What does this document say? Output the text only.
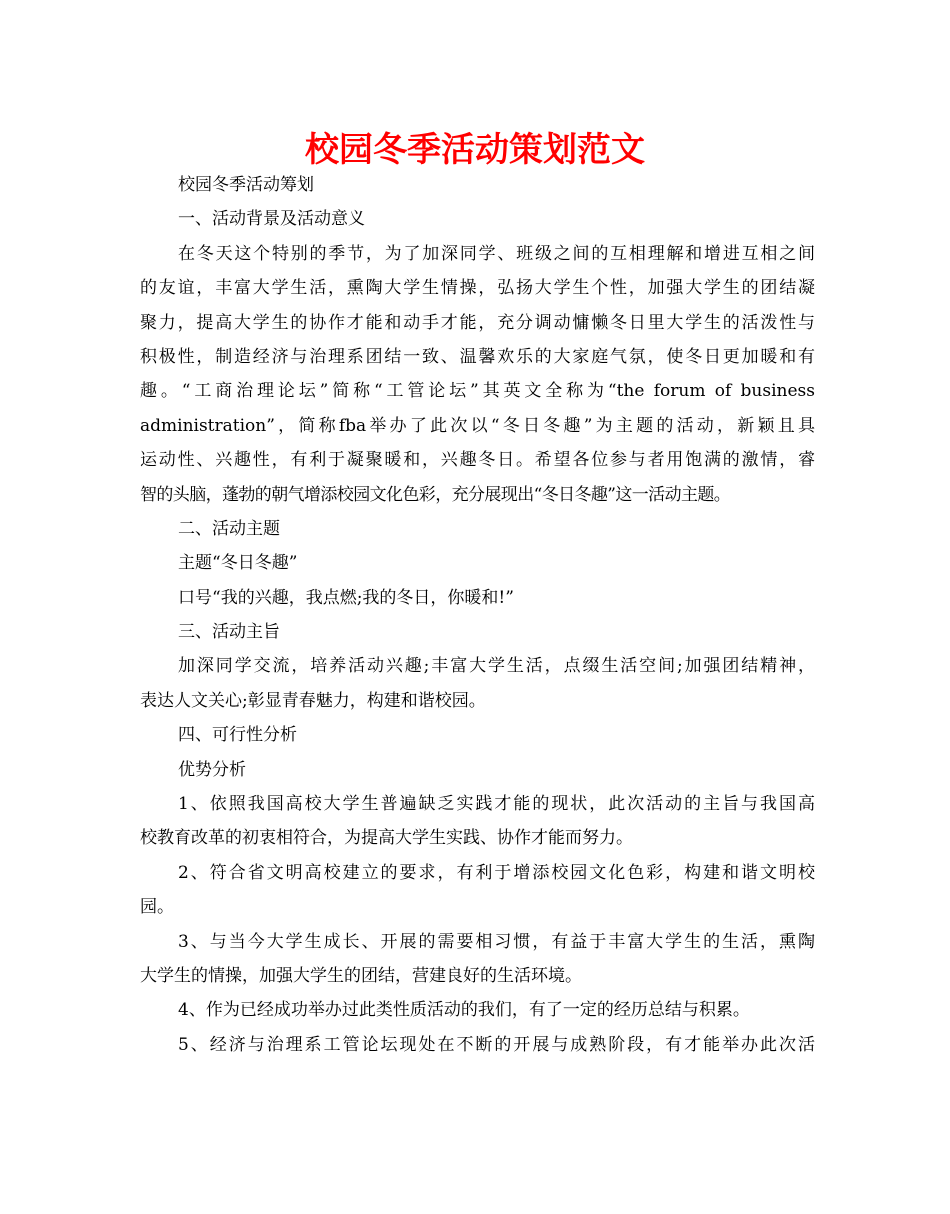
校园冬季活动策划范文
校园冬季活动筹划
一、活动背景及活动意义
在冬天这个特别的季节，为了加深同学、班级之间的互相理解和增进互相之间
的友谊，丰富大学生活，熏陶大学生情操，弘扬大学生个性，加强大学生的团结凝
聚力，提高大学生的协作才能和动手才能，充分调动慵懒冬日里大学生的活泼性与
积极性，制造经济与治理系团结一致、温馨欢乐的大家庭气氛，使冬日更加暖和有
趣。“工商治理论坛”简称“工管论坛”其英文全称为“the forum of business
administration”，简称fba举办了此次以“冬日冬趣”为主题的活动，新颖且具
运动性、兴趣性，有利于凝聚暖和，兴趣冬日。希望各位参与者用饱满的激情，睿
智的头脑，蓬勃的朝气增添校园文化色彩，充分展现出“冬日冬趣”这一活动主题。
二、活动主题
主题“冬日冬趣”
口号“我的兴趣，我点燃;我的冬日，你暖和!”
三、活动主旨
加深同学交流，培养活动兴趣;丰富大学生活，点缀生活空间;加强团结精神，
表达人文关心;彰显青春魅力，构建和谐校园。
四、可行性分析
优势分析
1、依照我国高校大学生普遍缺乏实践才能的现状，此次活动的主旨与我国高
校教育改革的初衷相符合，为提高大学生实践、协作才能而努力。
2、符合省文明高校建立的要求，有利于增添校园文化色彩，构建和谐文明校
园。
3、与当今大学生成长、开展的需要相习惯，有益于丰富大学生的生活，熏陶
大学生的情操，加强大学生的团结，营建良好的生活环境。
4、作为已经成功举办过此类性质活动的我们，有了一定的经历总结与积累。
5、经济与治理系工管论坛现处在不断的开展与成熟阶段，有才能举办此次活
